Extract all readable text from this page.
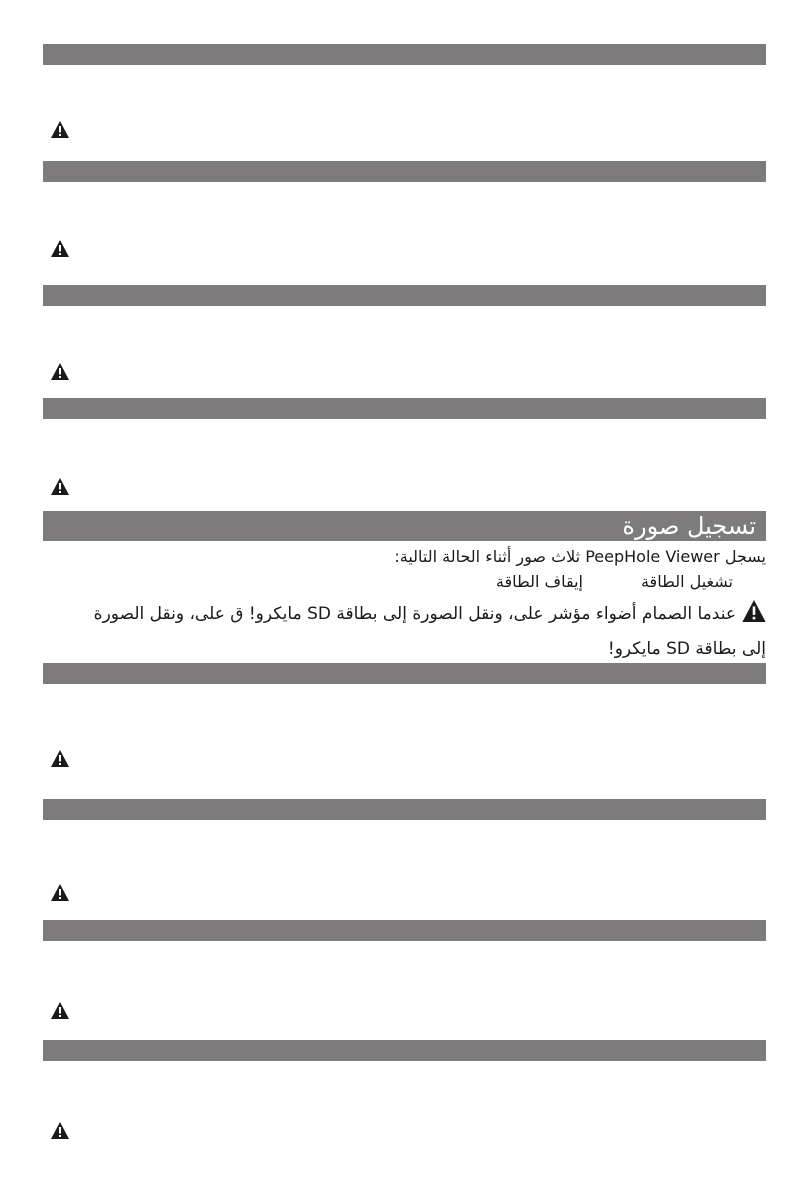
تسجيل صورة
يسجل PeepHole Viewer ثلاث صور أثناء الحالة التالية:
تشغيل الطاقةإيقاف الطاقة
عندما الصمام أضواء مؤشر على، ونقل الصورة إلى بطاقة SD مايكرو! ق على، ونقل الصورة إلى بطاقة SD مايكرو!
